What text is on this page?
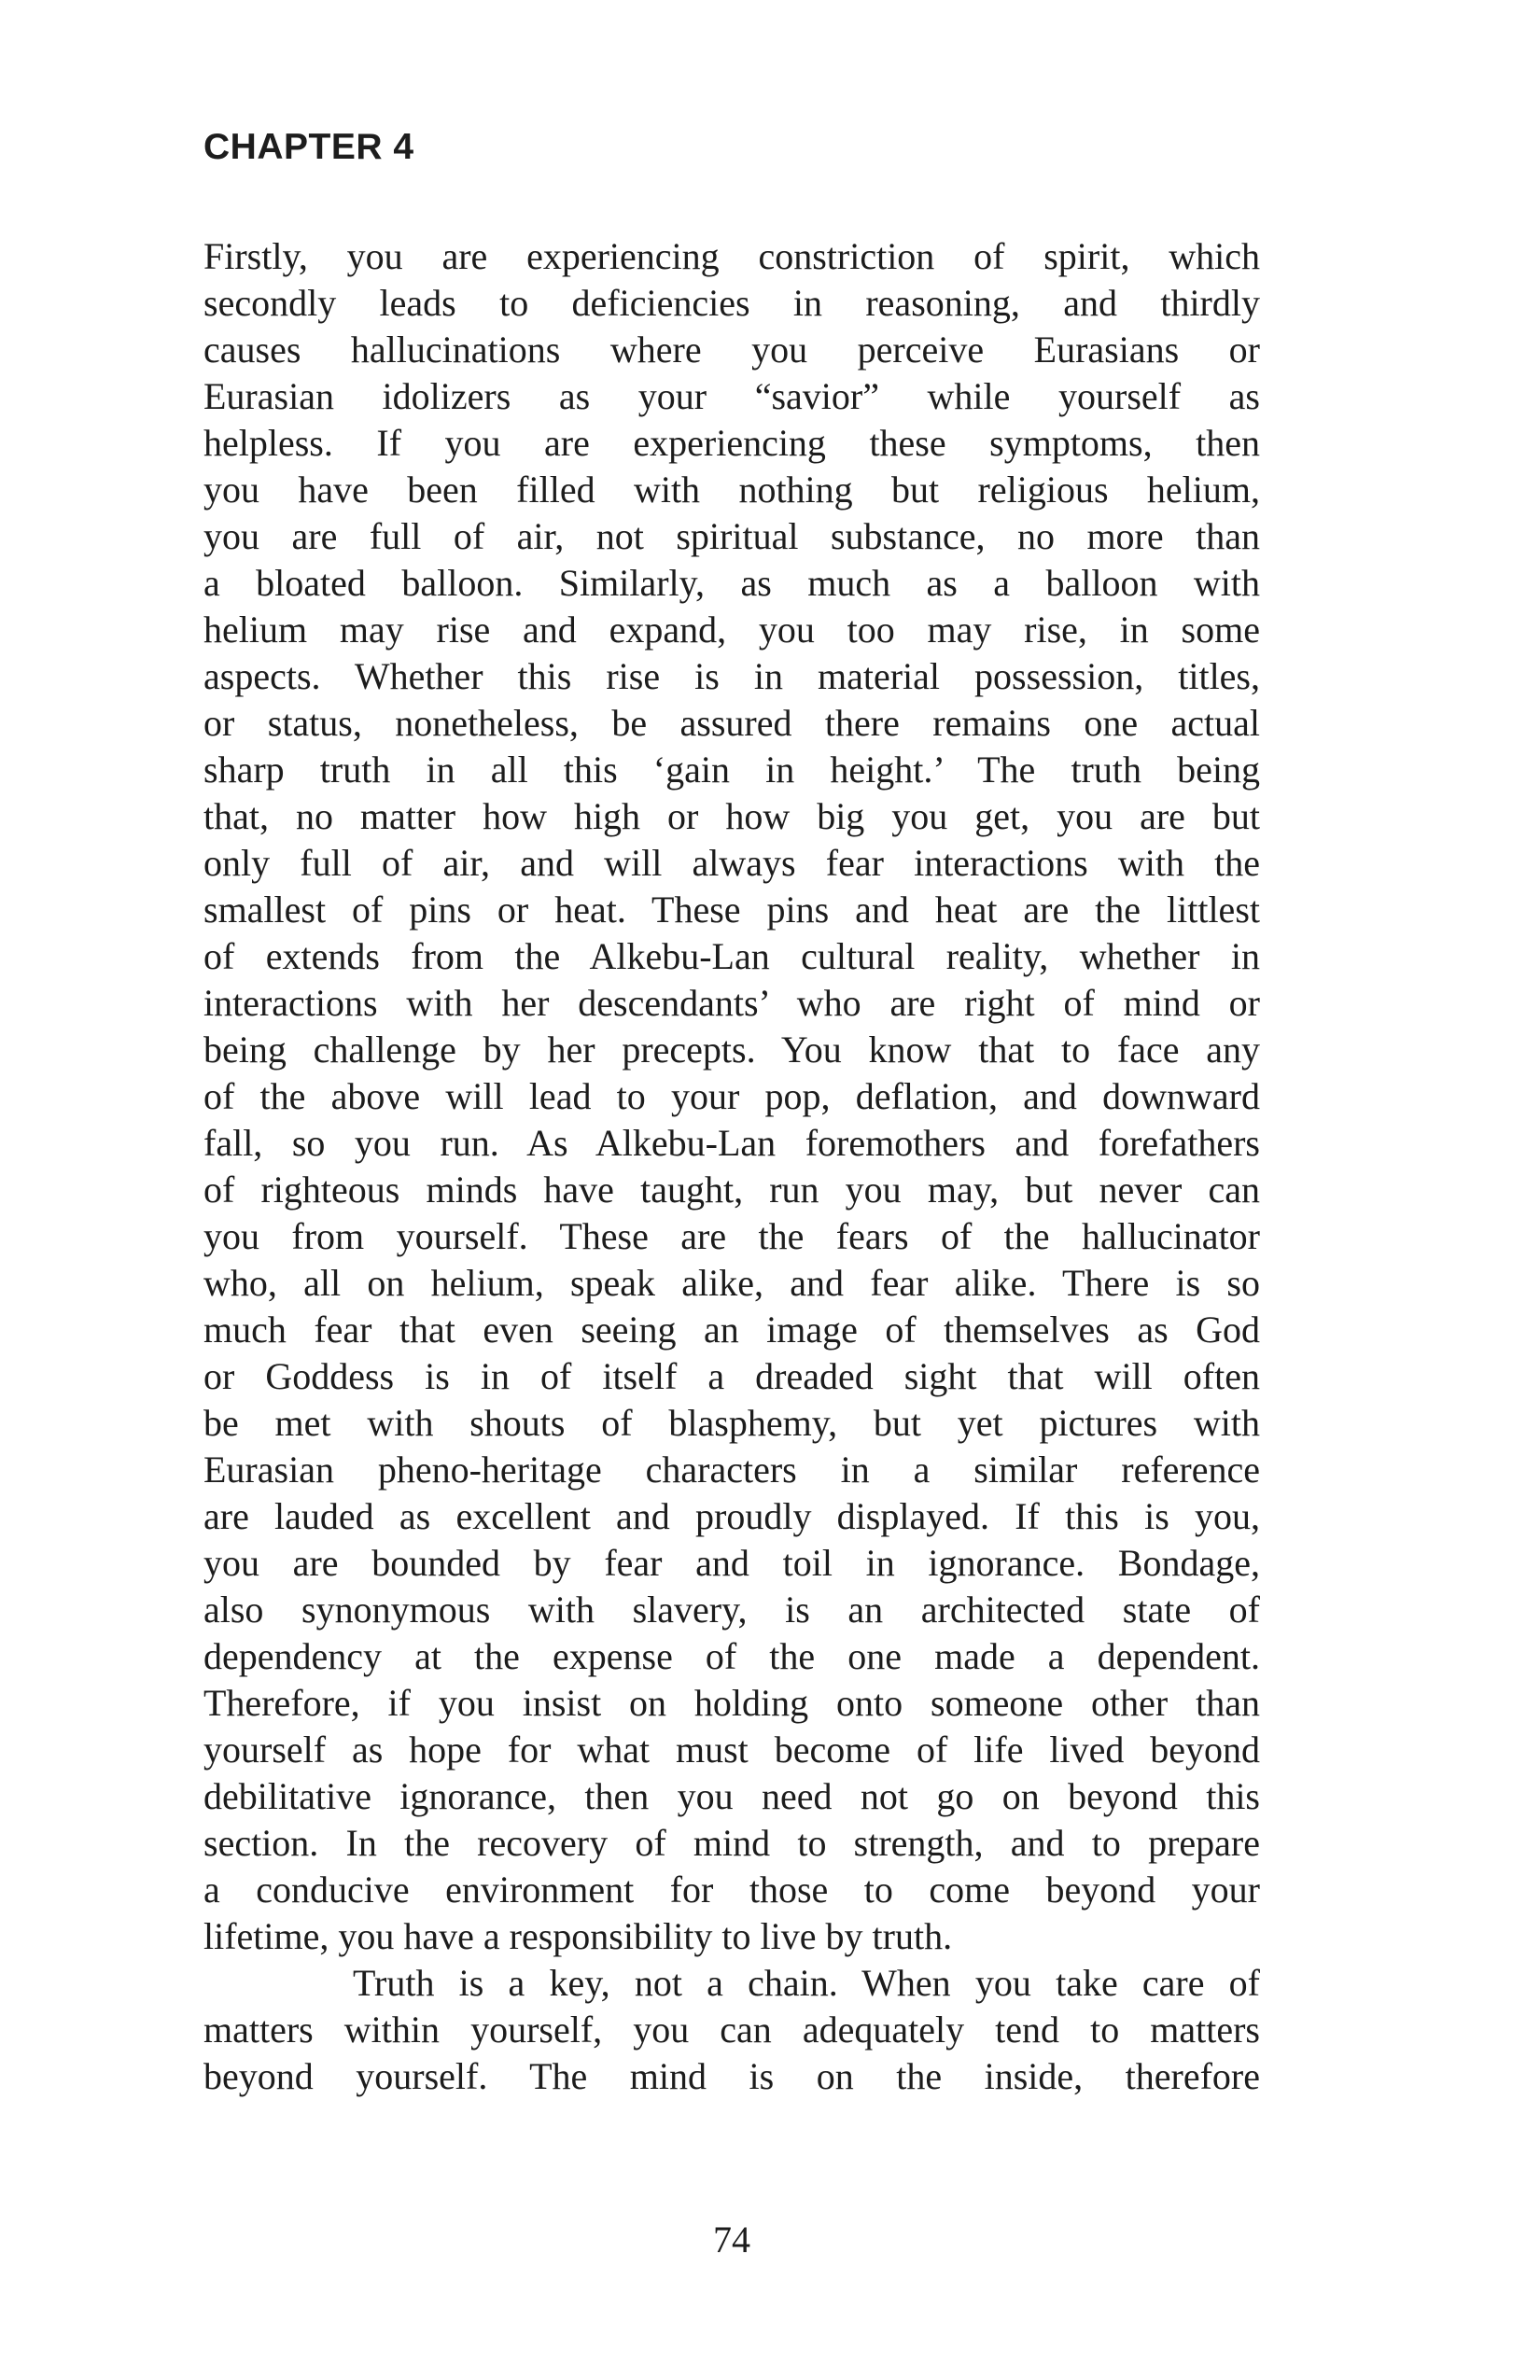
CHAPTER 4
Firstly, you are experiencing constriction of spirit, which
secondly leads to deficiencies in reasoning, and thirdly
causes hallucinations where you perceive Eurasians or
Eurasian idolizers as your “savior” while yourself as
helpless. If you are experiencing these symptoms, then
you have been filled with nothing but religious helium,
you are full of air, not spiritual substance, no more than
a bloated balloon. Similarly, as much as a balloon with
helium may rise and expand, you too may rise, in some
aspects. Whether this rise is in material possession, titles,
or status, nonetheless, be assured there remains one actual
sharp truth in all this ‘gain in height.’ The truth being
that, no matter how high or how big you get, you are but
only full of air, and will always fear interactions with the
smallest of pins or heat. These pins and heat are the littlest
of extends from the Alkebu-Lan cultural reality, whether in
interactions with her descendants’ who are right of mind or
being challenge by her precepts. You know that to face any
of the above will lead to your pop, deflation, and downward
fall, so you run. As Alkebu-Lan foremothers and forefathers
of righteous minds have taught, run you may, but never can
you from yourself. These are the fears of the hallucinator
who, all on helium, speak alike, and fear alike. There is so
much fear that even seeing an image of themselves as God
or Goddess is in of itself a dreaded sight that will often
be met with shouts of blasphemy, but yet pictures with
Eurasian pheno-heritage characters in a similar reference
are lauded as excellent and proudly displayed. If this is you,
you are bounded by fear and toil in ignorance. Bondage,
also synonymous with slavery, is an architected state of
dependency at the expense of the one made a dependent.
Therefore, if you insist on holding onto someone other than
yourself as hope for what must become of life lived beyond
debilitative ignorance, then you need not go on beyond this
section. In the recovery of mind to strength, and to prepare
a conducive environment for those to come beyond your
lifetime, you have a responsibility to live by truth.
Truth is a key, not a chain. When you take care of
matters within yourself, you can adequately tend to matters
beyond yourself. The mind is on the inside, therefore
74
